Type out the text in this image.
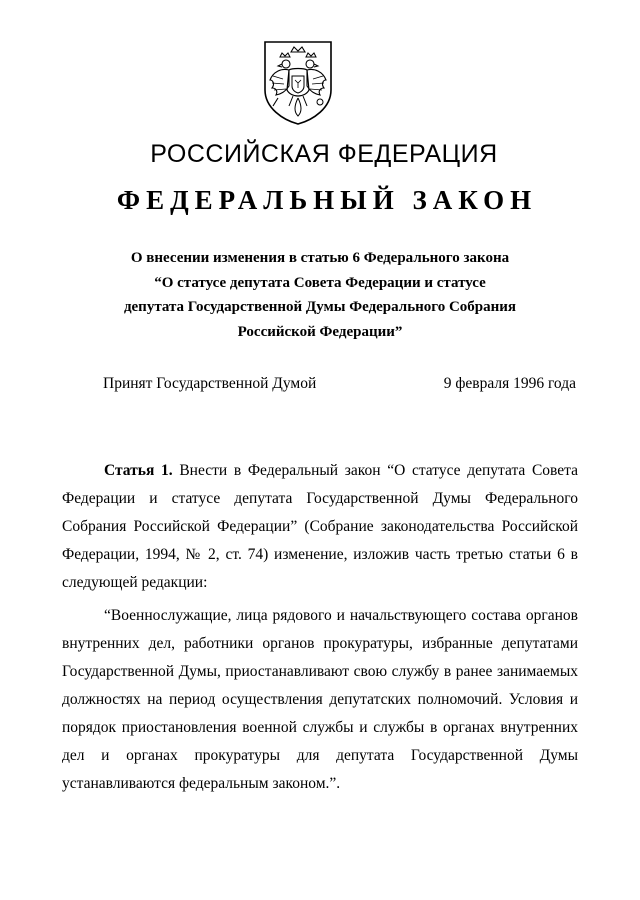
РОССИЙСКАЯ ФЕДЕРАЦИЯ
ФЕДЕРАЛЬНЫЙ ЗАКОН
О внесении изменения в статью 6 Федерального закона
“О статусе депутата Совета Федерации и статусе
депутата Государственной Думы Федерального Собрания
Российской Федерации”
Принят Государственной Думой	9 февраля 1996 года

Статья 1. Внести в Федеральный закон “О статусе депутата Совета Федерации и статусе депутата Государственной Думы Федерального Собрания Российской Федерации” (Собрание законодательства Российской Федерации, 1994, № 2, ст. 74) изменение, изложив часть третью статьи 6 в следующей редакции:

“Военнослужащие, лица рядового и начальствующего состава органов внутренних дел, работники органов прокуратуры, избранные депутатами Государственной Думы, приостанавливают свою службу в ранее занимаемых должностях на период осуществления депутатских полномочий. Условия и порядок приостановления военной службы и службы в органах внутренних дел и органах прокуратуры для депутата Государственной Думы устанавливаются федеральным законом.”.
